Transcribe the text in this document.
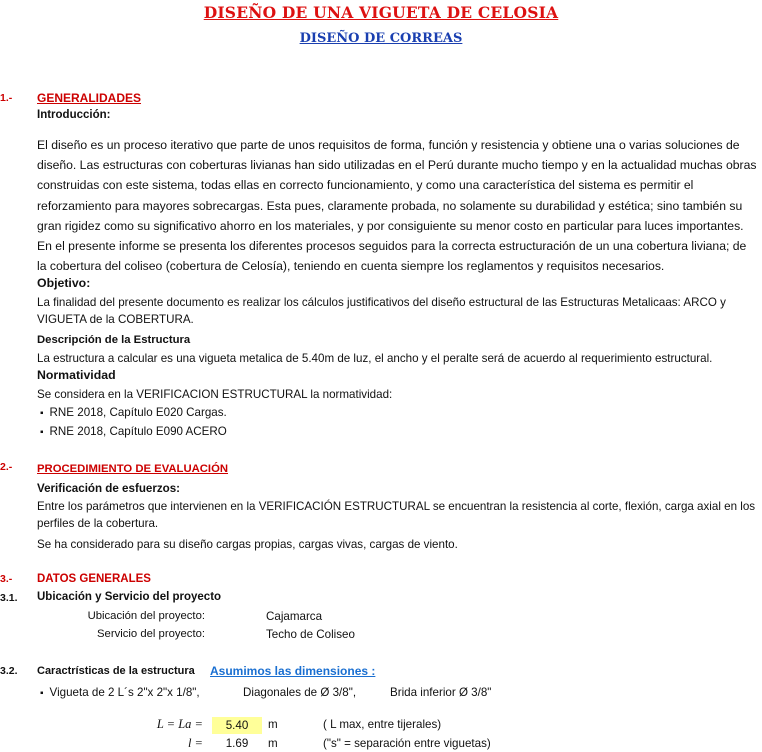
DISEÑO DE UNA VIGUETA DE CELOSIA
DISEÑO DE CORREAS
1.- GENERALIDADES
Introducción:
El diseño es un proceso iterativo que parte de unos requisitos de forma, función y resistencia y obtiene una o varias soluciones de diseño. Las estructuras con coberturas livianas han sido utilizadas en el Perú durante mucho tiempo y en la actualidad muchas obras construidas con este sistema, todas ellas en correcto funcionamiento, y como una característica del sistema es permitir el reforzamiento para mayores sobrecargas. Esta pues, claramente probada, no solamente su durabilidad y estética; sino también su gran rigidez como su significativo ahorro en los materiales, y por consiguiente su menor costo en particular para luces importantes.
En el presente informe se presenta los diferentes procesos seguidos para la correcta estructuración de un una cobertura liviana; de la cobertura del coliseo (cobertura de Celosía), teniendo en cuenta siempre los reglamentos y requisitos necesarios.
Objetivo:
La finalidad del presente documento es realizar los cálculos justificativos del diseño estructural de las Estructuras Metalicaas: ARCO y VIGUETA de la COBERTURA.
Descripción de la Estructura
La estructura a calcular es una vigueta metalica de 5.40m de luz, el ancho y el peralte será de acuerdo al requerimiento estructural.
Normatividad
Se considera en la VERIFICACION ESTRUCTURAL la normatividad:
▪ RNE 2018, Capítulo E020 Cargas.
▪ RNE 2018, Capítulo E090 ACERO
2.- PROCEDIMIENTO DE EVALUACIÓN
Verificación de esfuerzos:
Entre los parámetros que intervienen en la VERIFICACIÓN ESTRUCTURAL se encuentran la resistencia al corte, flexión, carga axial en los perfiles de la cobertura.
Se ha considerado para su diseño cargas propias, cargas vivas, cargas de viento.
3.- DATOS GENERALES
3.1. Ubicación y Servicio del proyecto
Ubicación del proyecto:	Cajamarca
Servicio del proyecto:	Techo de Coliseo
3.2. Caractrísticas de la estructura Asumimos las dimensiones :
▪ Vigueta de 2 L´s 2"x 2"x 1/8",	Diagonales de Ø 3/8",	Brida inferior Ø 3/8"
L = La =	5.40	m	( L max, entre tijerales)
l =	1.69	m	("s" = separación entre viguetas)
